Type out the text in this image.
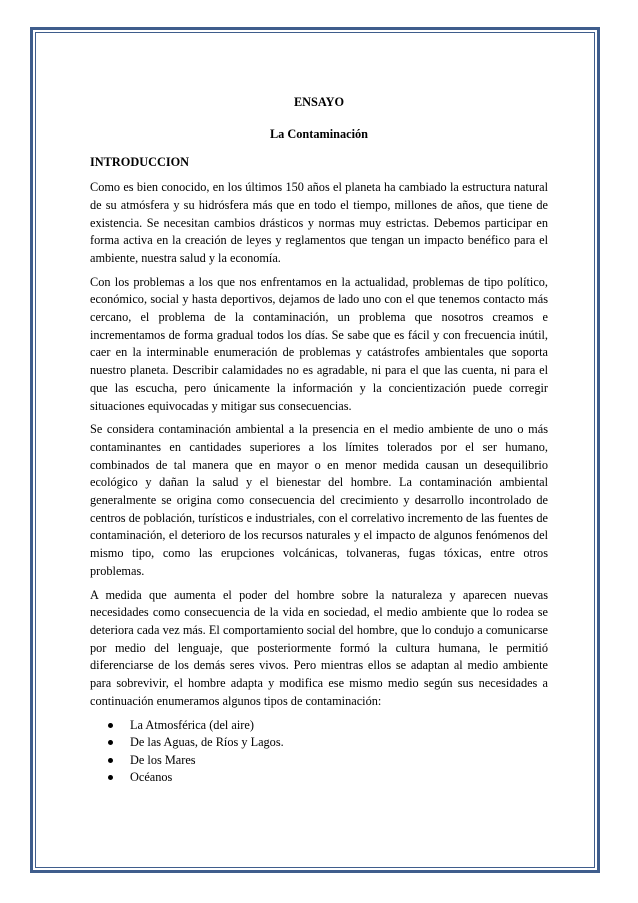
ENSAYO

La Contaminación

INTRODUCCION

Como es bien conocido, en los últimos 150 años el planeta ha cambiado la estructura natural de su atmósfera y su hidrósfera más que en todo el tiempo, millones de años, que tiene de existencia. Se necesitan cambios drásticos y normas muy estrictas. Debemos participar en forma activa en la creación de leyes y reglamentos que tengan un impacto benéfico para el ambiente, nuestra salud y la economía.

Con los problemas a los que nos enfrentamos en la actualidad, problemas de tipo político, económico, social y hasta deportivos, dejamos de lado uno con el que tenemos contacto más cercano, el problema de la contaminación, un problema que nosotros creamos e incrementamos de forma gradual todos los días. Se sabe que es fácil y con frecuencia inútil, caer en la interminable enumeración de problemas y catástrofes ambientales que soporta nuestro planeta. Describir calamidades no es agradable, ni para el que las cuenta, ni para el que las escucha, pero únicamente la información y la concientización puede corregir situaciones equivocadas y mitigar sus consecuencias.

Se considera contaminación ambiental a la presencia en el medio ambiente de uno o más contaminantes en cantidades superiores a los límites tolerados por el ser humano, combinados de tal manera que en mayor o en menor medida causan un desequilibrio ecológico y dañan la salud y el bienestar del hombre. La contaminación ambiental generalmente se origina como consecuencia del crecimiento y desarrollo incontrolado de centros de población, turísticos e industriales, con el correlativo incremento de las fuentes de contaminación, el deterioro de los recursos naturales y el impacto de algunos fenómenos del mismo tipo, como las erupciones volcánicas, tolvaneras, fugas tóxicas, entre otros problemas.

A medida que aumenta el poder del hombre sobre la naturaleza y aparecen nuevas necesidades como consecuencia de la vida en sociedad, el medio ambiente que lo rodea se deteriora cada vez más. El comportamiento social del hombre, que lo condujo a comunicarse por medio del lenguaje, que posteriormente formó la cultura humana, le permitió diferenciarse de los demás seres vivos. Pero mientras ellos se adaptan al medio ambiente para sobrevivir, el hombre adapta y modifica ese mismo medio según sus necesidades a continuación enumeramos algunos tipos de contaminación:

La Atmosférica (del aire)
De las Aguas, de Ríos y Lagos.
De los Mares
Océanos
